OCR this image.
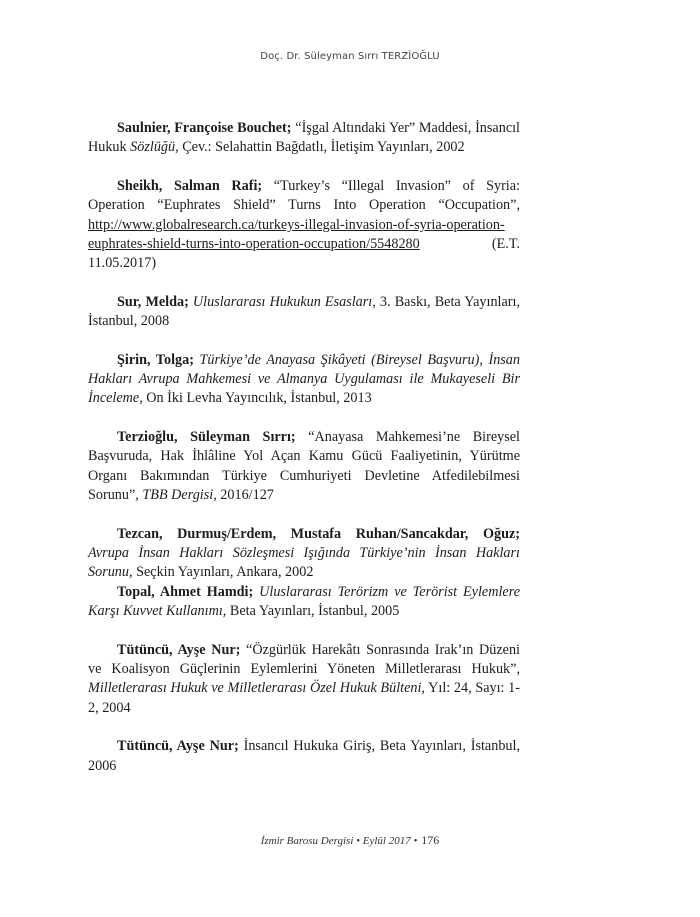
Doç. Dr. Süleyman Sırrı TERZİOĞLU

Saulnier, Françoise Bouchet; “İşgal Altındaki Yer” Maddesi, İnsancıl Hukuk Sözlüğü, Çev.: Selahattin Bağdatlı, İletişim Yayınları, 2002

Sheikh, Salman Rafi; “Turkey’s “Illegal Invasion” of Syria: Operation “Euphrates Shield” Turns Into Operation “Occupation”, http://www.globalresearch.ca/turkeys-illegal-invasion-of-syria-operation-euphrates-shield-turns-into-operation-occupation/5548280 (E.T. 11.05.2017)

Sur, Melda; Uluslararası Hukukun Esasları, 3. Baskı, Beta Yayınları, İstanbul, 2008

Şirin, Tolga; Türkiye’de Anayasa Şikâyeti (Bireysel Başvuru), İnsan Hakları Avrupa Mahkemesi ve Almanya Uygulaması ile Mukayeseli Bir İnceleme, On İki Levha Yayıncılık, İstanbul, 2013

Terzioğlu, Süleyman Sırrı; “Anayasa Mahkemesi’ne Bireysel Başvuruda, Hak İhlâline Yol Açan Kamu Gücü Faaliyetinin, Yürütme Organı Bakımından Türkiye Cumhuriyeti Devletine Atfedilebilmesi Sorunu”, TBB Dergisi, 2016/127

Tezcan, Durmuş/Erdem, Mustafa Ruhan/Sancakdar, Oğuz; Avrupa İnsan Hakları Sözleşmesi Işığında Türkiye’nin İnsan Hakları Sorunu, Seçkin Yayınları, Ankara, 2002

Topal, Ahmet Hamdi; Uluslararası Terörizm ve Terörist Eylemlere Karşı Kuvvet Kullanımı, Beta Yayınları, İstanbul, 2005

Tütüncü, Ayşe Nur; “Özgürlük Harekâtı Sonrasında Irak’ın Düzeni ve Koalisyon Güçlerinin Eylemlerini Yöneten Milletlerarası Hukuk”, Milletlerarası Hukuk ve Milletlerarası Özel Hukuk Bülteni, Yıl: 24, Sayı: 1-2, 2004

Tütüncü, Ayşe Nur; İnsancıl Hukuka Giriş, Beta Yayınları, İstanbul, 2006

İzmir Barosu Dergisi • Eylül 2017 • 176
